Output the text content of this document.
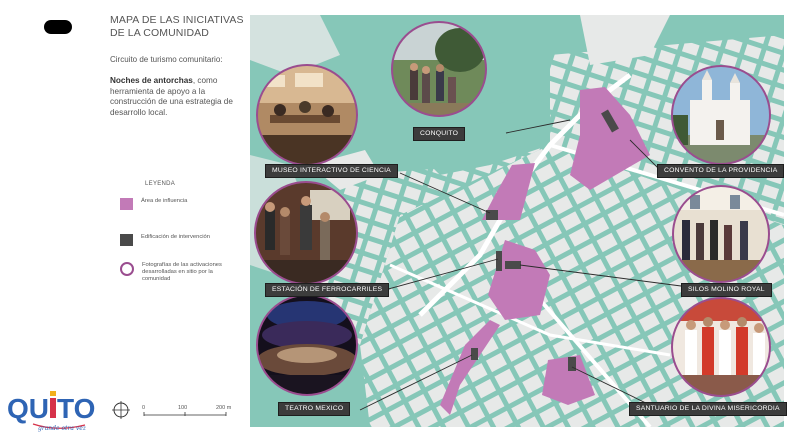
MAPA DE LAS INICIATIVAS
DE LA COMUNIDAD
Circuito de turismo comunitario:
Noches de antorchas, como herramienta de apoyo a la construcción de una estrategia de desarrollo local.
LEYENDA
Área de influencia
Edificación de intervención
Fotografías de las activaciones desarrolladas en sitio por la comunidad
QU TO
grande otra vez
0	100	200 m
CONQUITO
CONVENTO DE LA PROVIDENCIA
MUSEO INTERACTIVO DE CIENCIA
ESTACIÓN DE FERROCARRILES	SILOS MOLINO ROYAL
TEATRO MEXICO	SANTUARIO DE LA DIVINA MISERICORDIA
